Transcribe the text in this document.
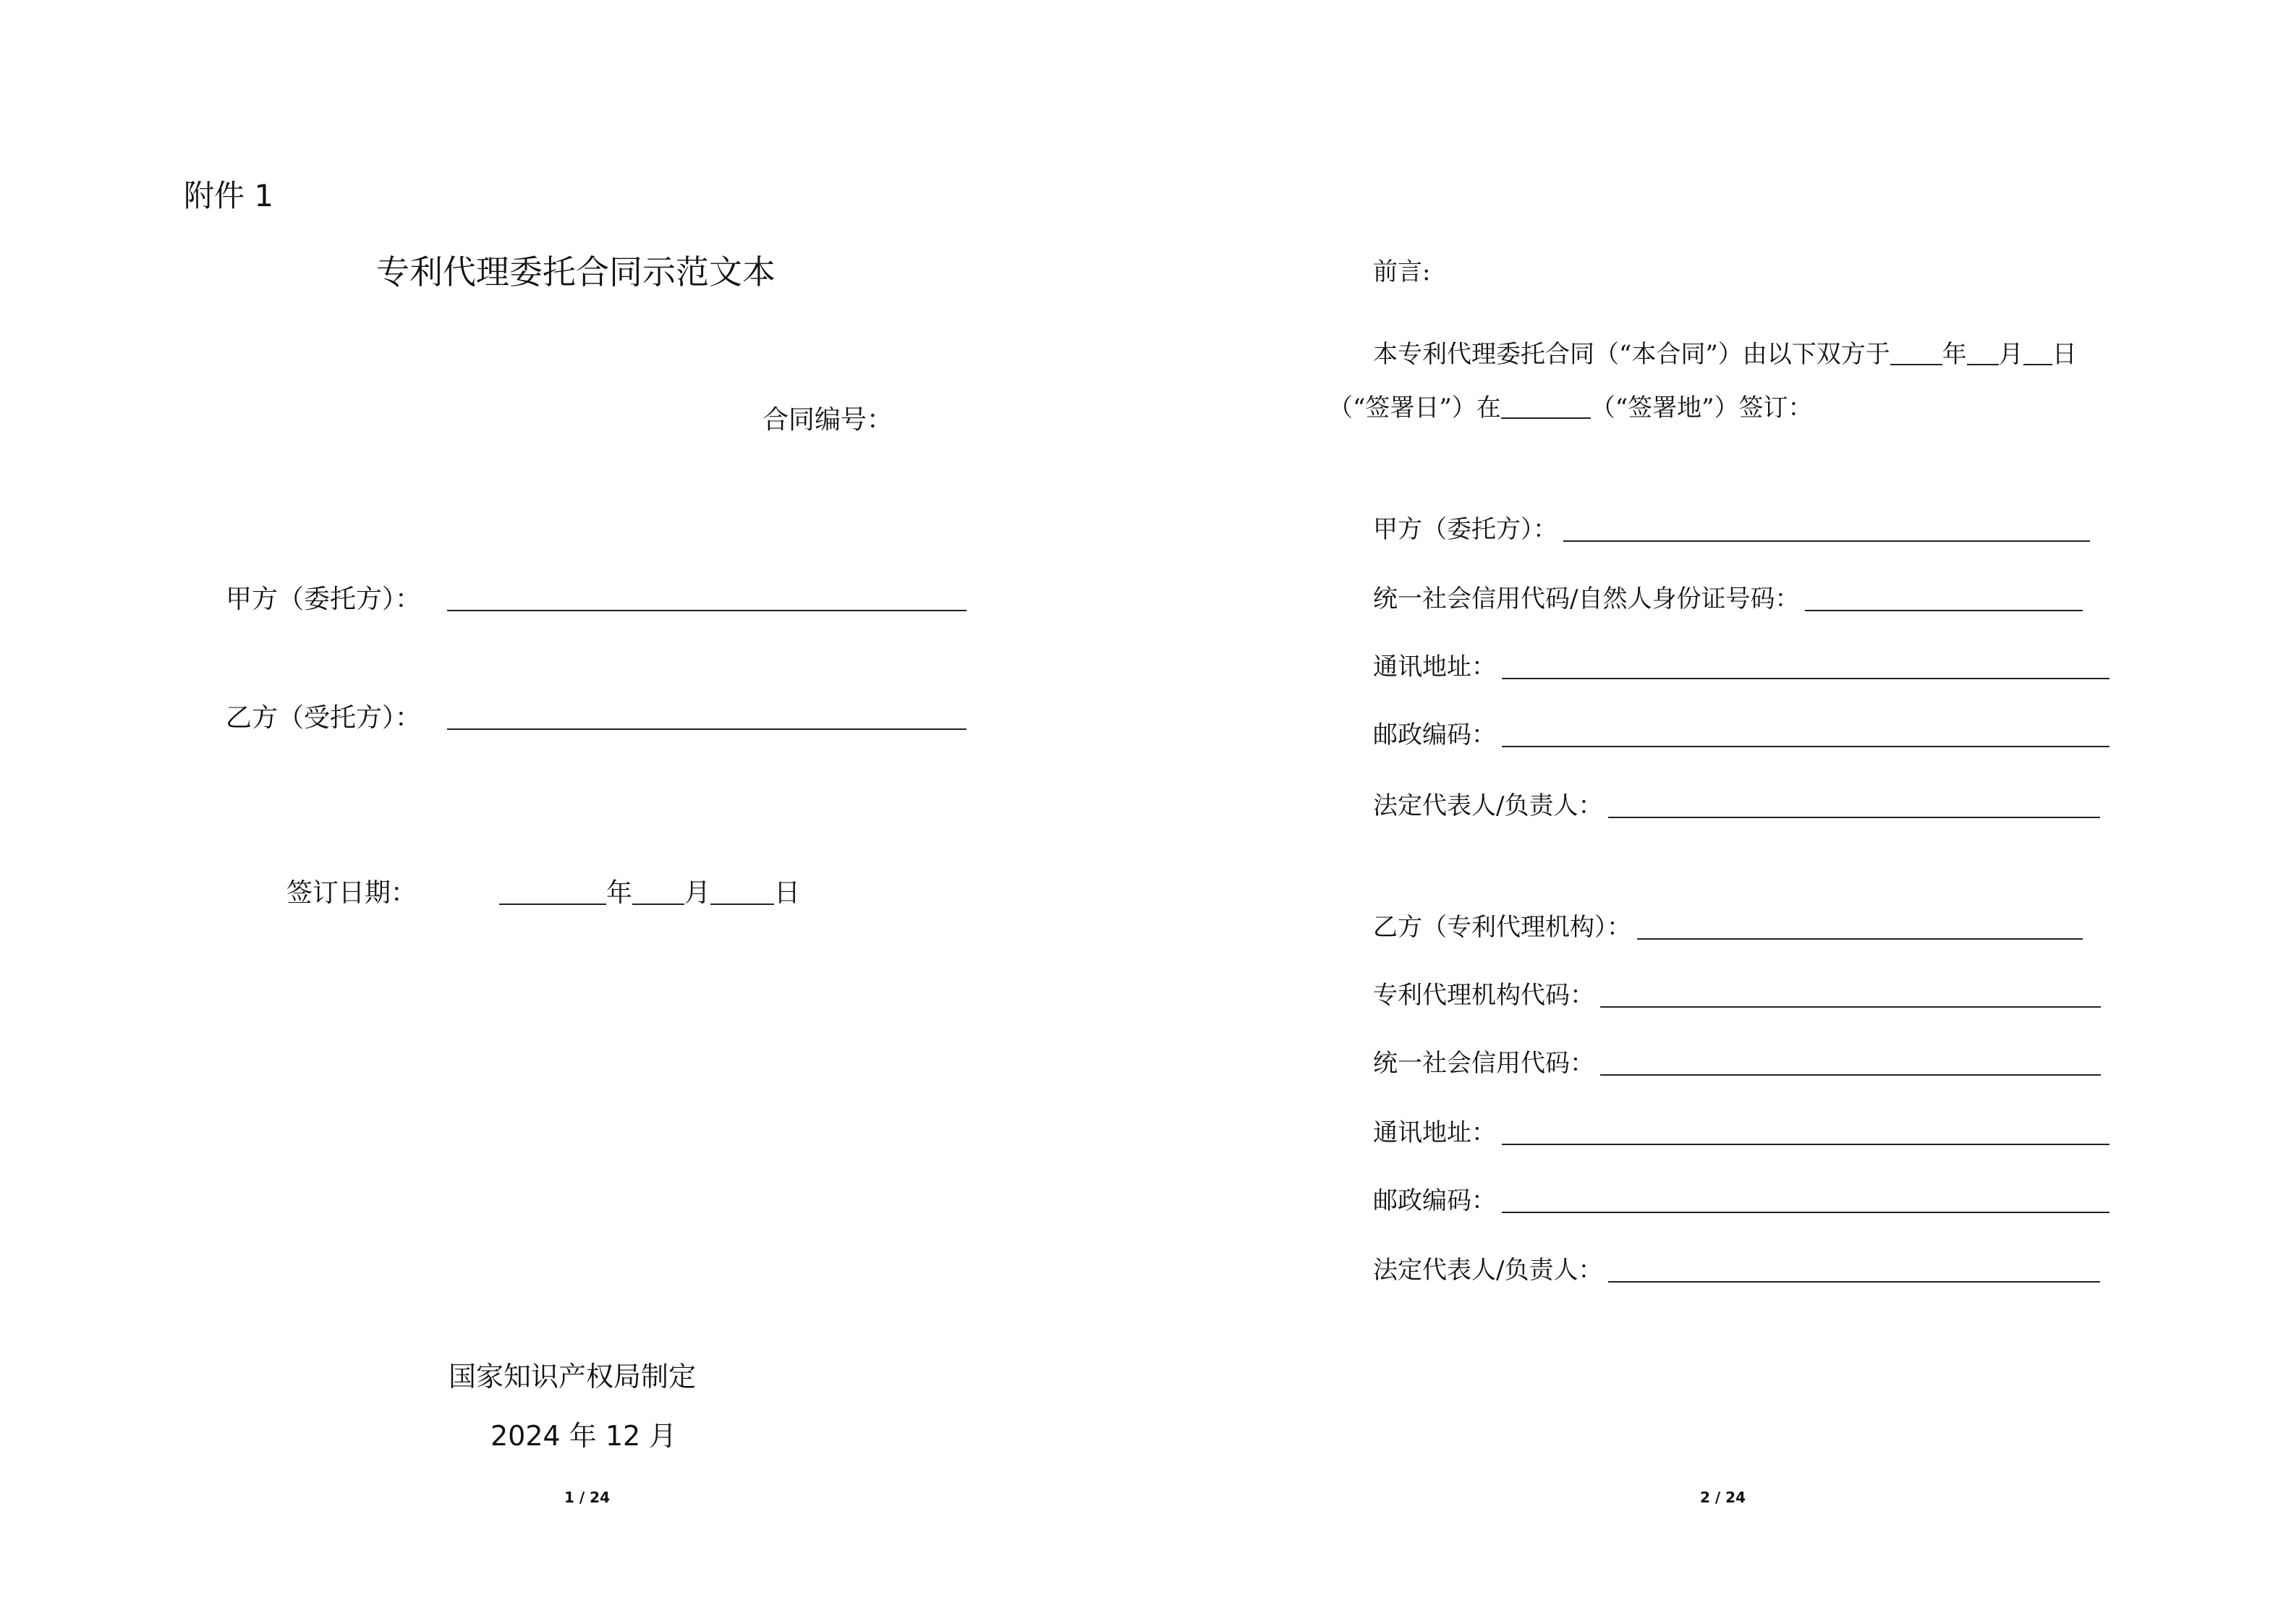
附件 1
专利代理委托合同示范文本
合同编号：
甲方（委托方）：
乙方（受托方）：
签订日期：	年 月 日
国家知识产权局制定
2024 年 12 月
1 / 24
前言:
本专利代理委托合同（“本合同”）由以下双方于 年 月 日
（“签署日”）在	（“签署地”）签订：
甲方（委托方）：
统一社会信用代码/自然人身份证号码：
通讯地址：
邮政编码：
法定代表人/负责人：
乙方（专利代理机构）：
专利代理机构代码：
统一社会信用代码：
通讯地址：
邮政编码：
法定代表人/负责人：
2 / 24
